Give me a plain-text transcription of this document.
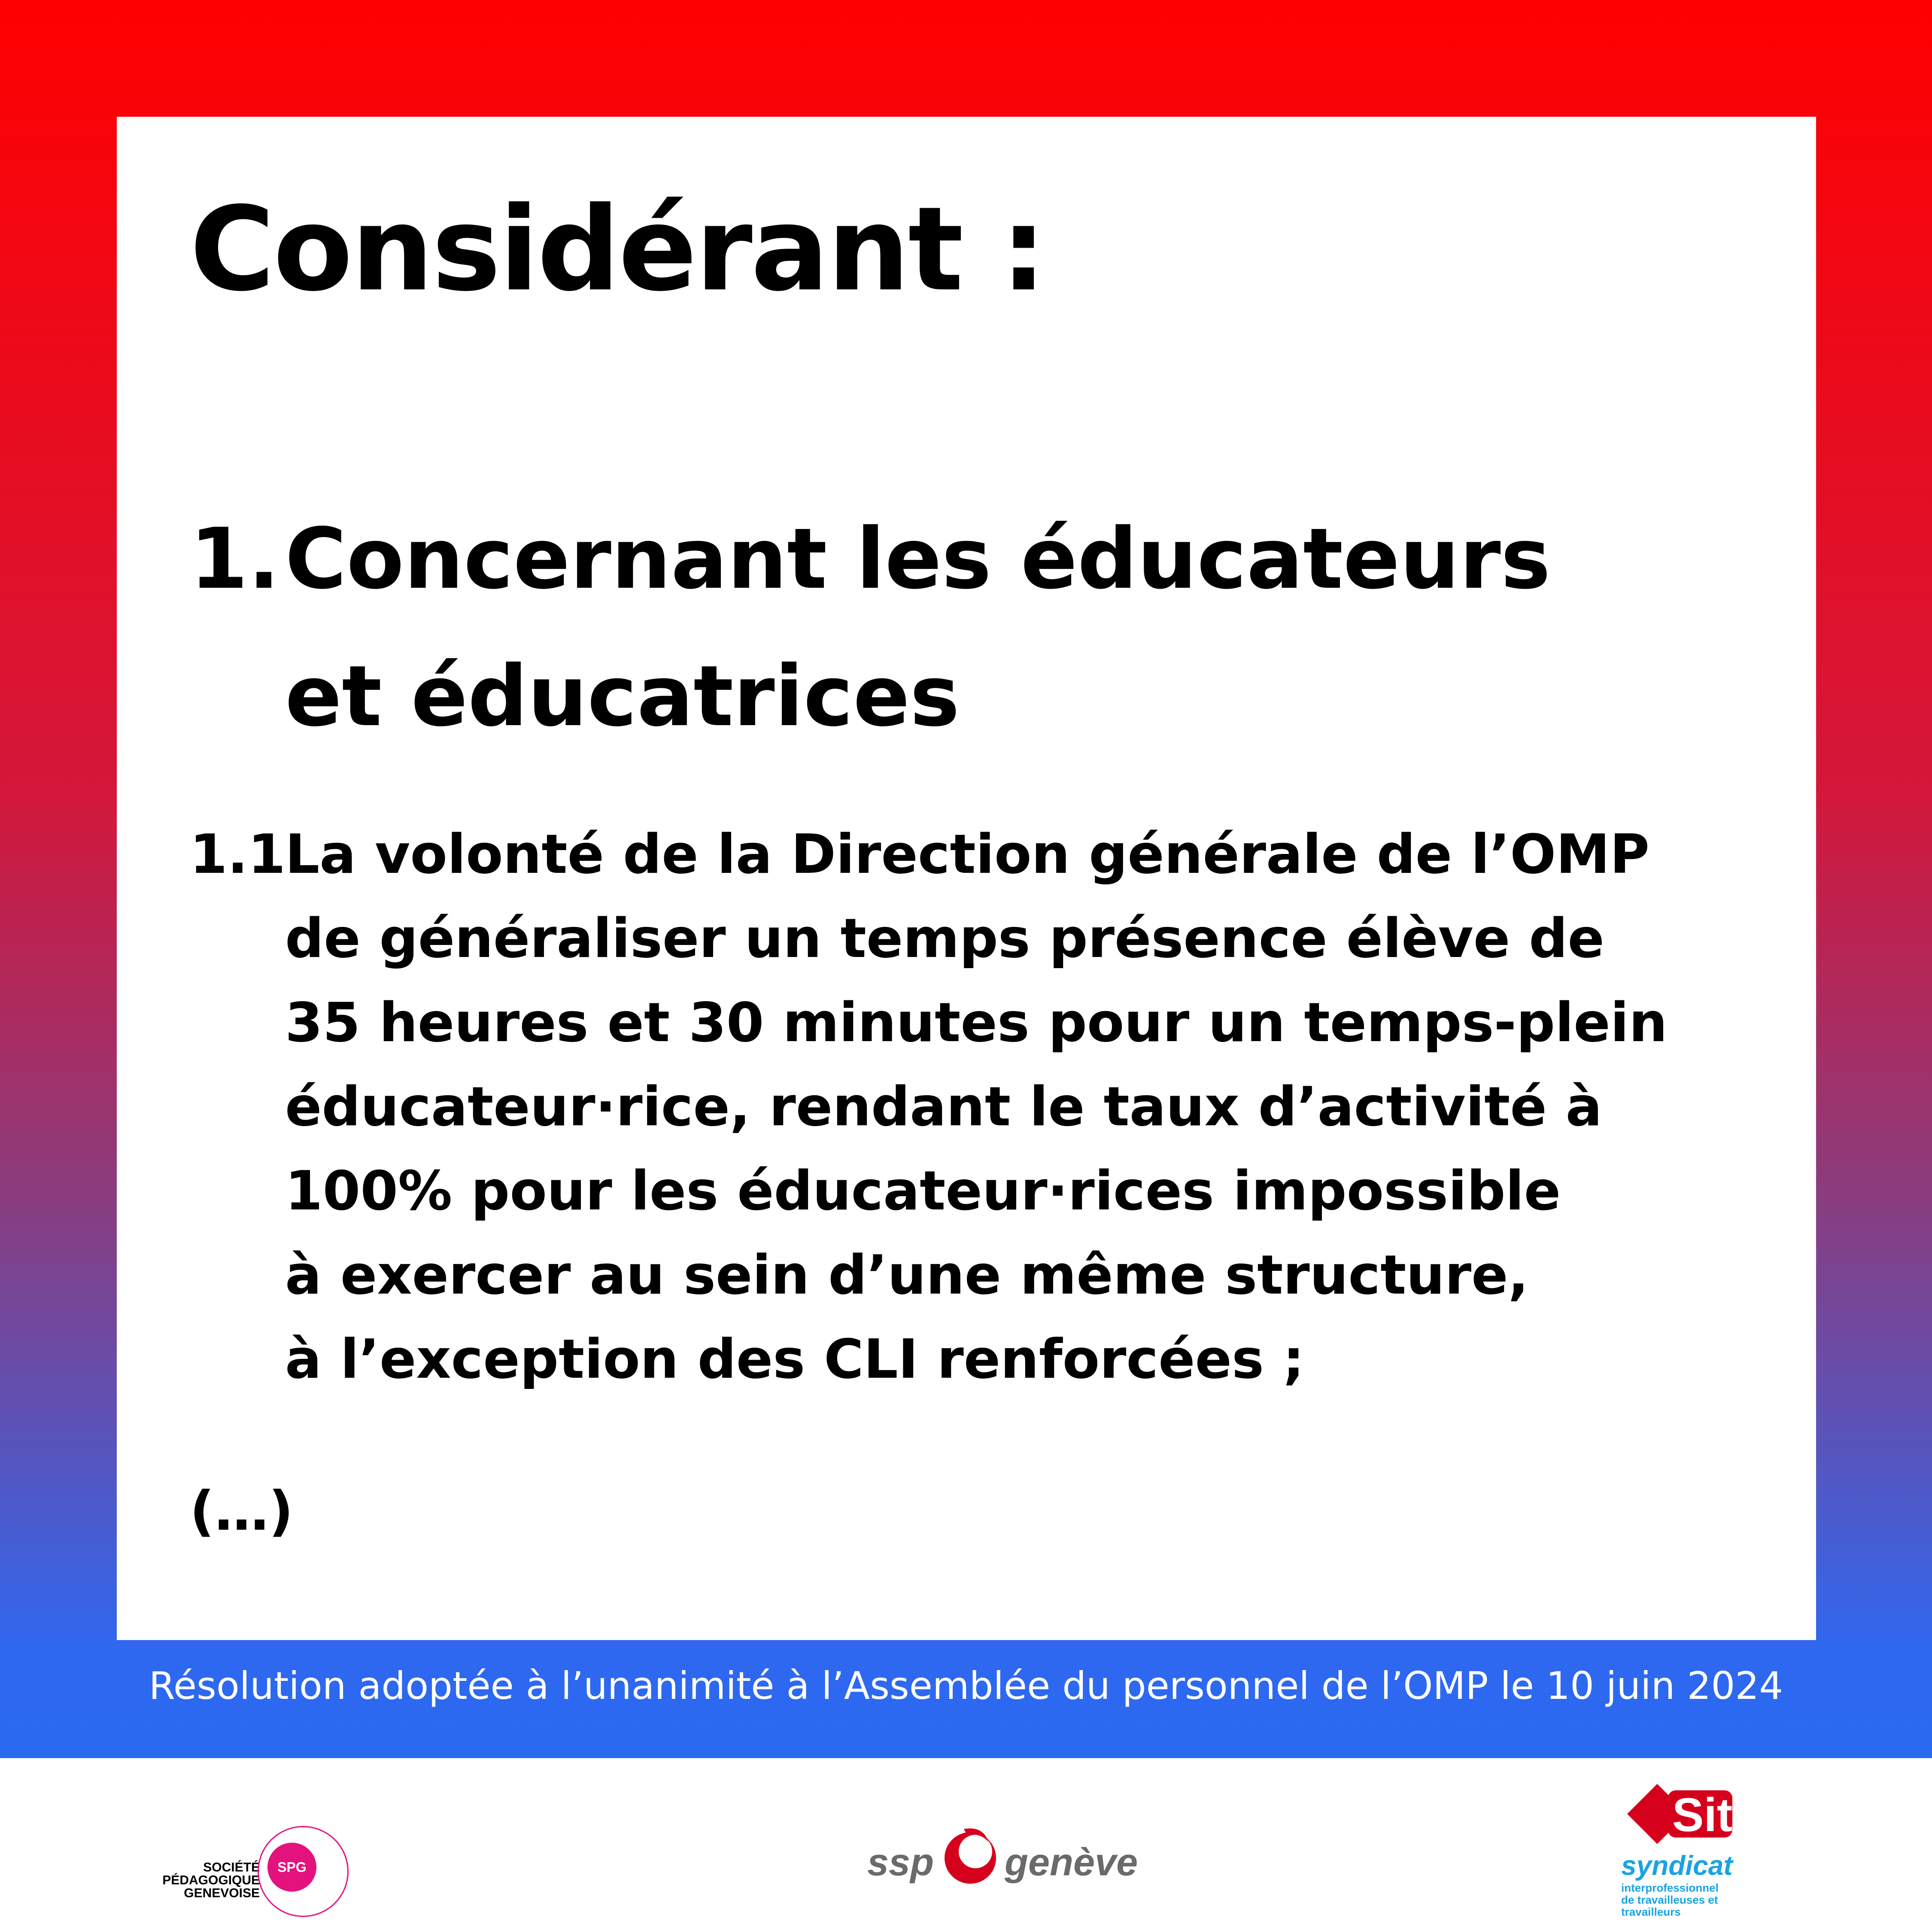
Considérant :
1. Concernant les éducateurs
et éducatrices
1.1
La volonté de la Direction générale de l’OMP
de généraliser un temps présence élève de
35 heures et 30 minutes pour un temps-plein
éducateur·rice, rendant le taux d’activité à
100% pour les éducateur·rices impossible
à exercer au sein d’une même structure,
à l’exception des CLI renforcées ;
(…)
Résolution adoptée à l’unanimité à l’Assemblée du personnel de l’OMP le 10 juin 2024
SOCIÉTÉ
PÉDAGOGIQUE
GENEVOISE
SPG	ssp genève
Sit
syndicat
interprofessionnel
de travailleuses et
travailleurs
